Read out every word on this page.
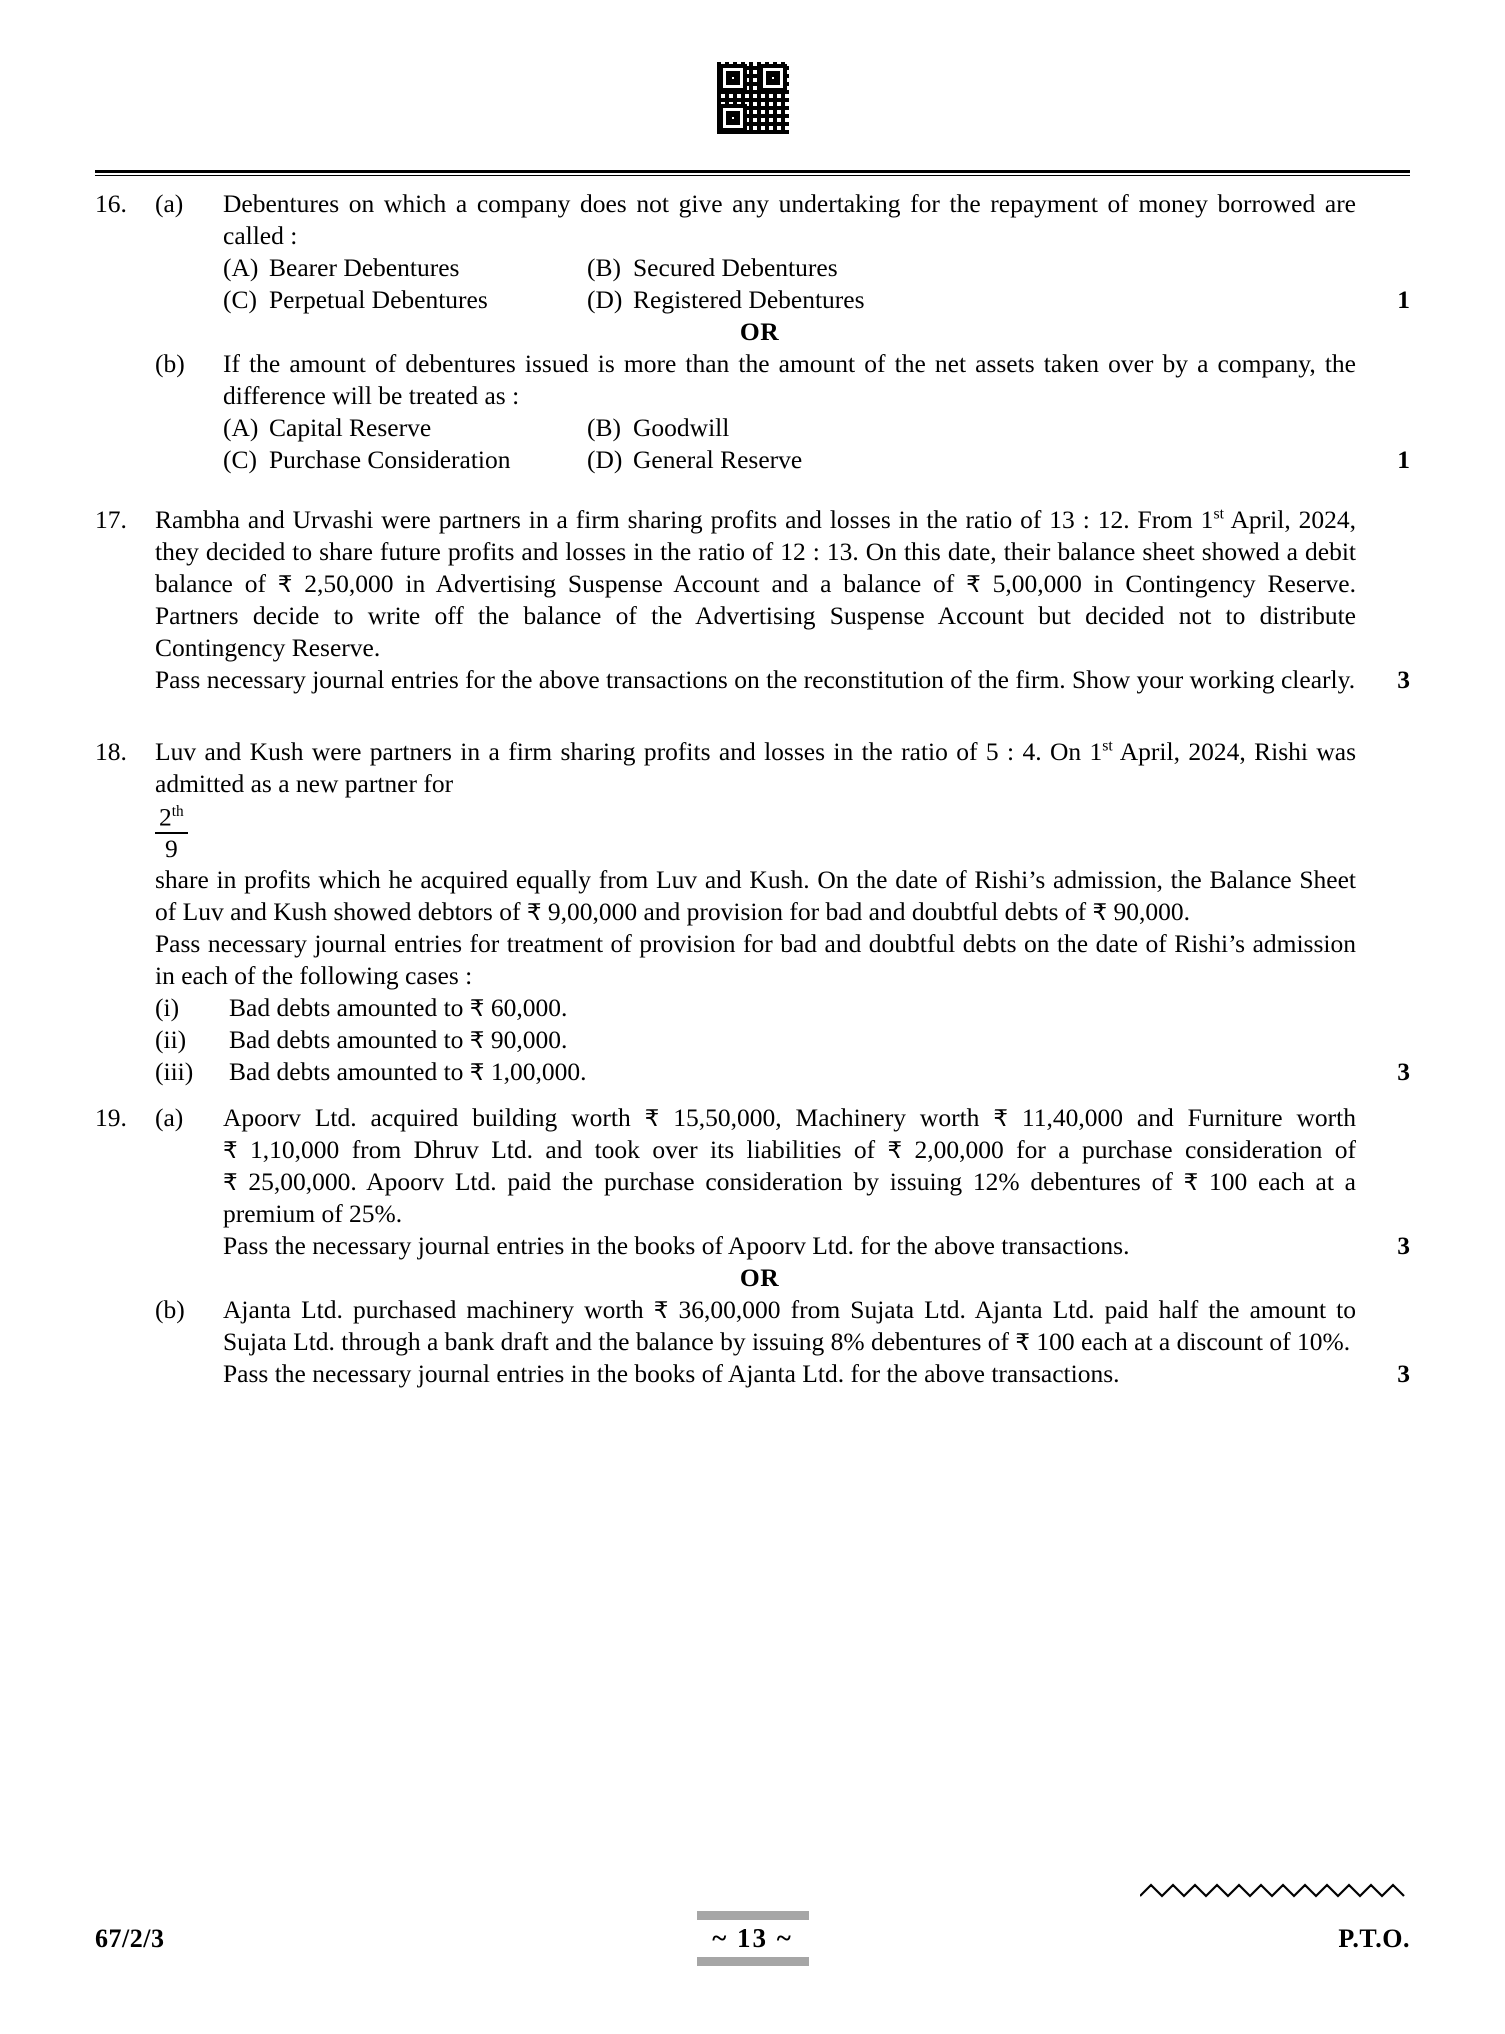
16.	(a)	Debentures on which a company does not give any undertaking for the repayment of money borrowed are called :
(A) Bearer Debentures	(B) Secured Debentures
(C) Perpetual Debentures	(D) Registered Debentures	1
OR
(b)	If the amount of debentures issued is more than the amount of the net assets taken over by a company, the difference will be treated as :
(A) Capital Reserve	(B) Goodwill
(C) Purchase Consideration	(D) General Reserve	1
17.	Rambha and Urvashi were partners in a firm sharing profits and losses in the ratio of 13 : 12. From 1st April, 2024, they decided to share future profits and losses in the ratio of 12 : 13. On this date, their balance sheet showed a debit balance of ₹ 2,50,000 in Advertising Suspense Account and a balance of ₹ 5,00,000 in Contingency Reserve. Partners decide to write off the balance of the Advertising Suspense Account but decided not to distribute Contingency Reserve.
Pass necessary journal entries for the above transactions on the reconstitution of the firm. Show your working clearly.	3
18.	Luv and Kush were partners in a firm sharing profits and losses in the ratio of 5 : 4. On 1st April, 2024, Rishi was admitted as a new partner for
$\frac{2^{th}}{9}$
share in profits which he acquired equally from Luv and Kush. On the date of Rishi’s admission, the Balance Sheet of Luv and Kush showed debtors of ₹ 9,00,000 and provision for bad and doubtful debts of ₹ 90,000.
Pass necessary journal entries for treatment of provision for bad and doubtful debts on the date of Rishi’s admission in each of the following cases :
(i)	Bad debts amounted to ₹ 60,000.
(ii)	Bad debts amounted to ₹ 90,000.
(iii)	Bad debts amounted to ₹ 1,00,000.	3
19.	(a)	Apoorv Ltd. acquired building worth ₹ 15,50,000, Machinery worth ₹ 11,40,000 and Furniture worth ₹ 1,10,000 from Dhruv Ltd. and took over its liabilities of ₹ 2,00,000 for a purchase consideration of ₹ 25,00,000. Apoorv Ltd. paid the purchase consideration by issuing 12% debentures of ₹ 100 each at a premium of 25%.
Pass the necessary journal entries in the books of Apoorv Ltd. for the above transactions.	3
OR
(b)	Ajanta Ltd. purchased machinery worth ₹ 36,00,000 from Sujata Ltd. Ajanta Ltd. paid half the amount to Sujata Ltd. through a bank draft and the balance by issuing 8% debentures of ₹ 100 each at a discount of 10%.
Pass the necessary journal entries in the books of Ajanta Ltd. for the above transactions.	3
67/2/3	~ 13 ~	P.T.O.
